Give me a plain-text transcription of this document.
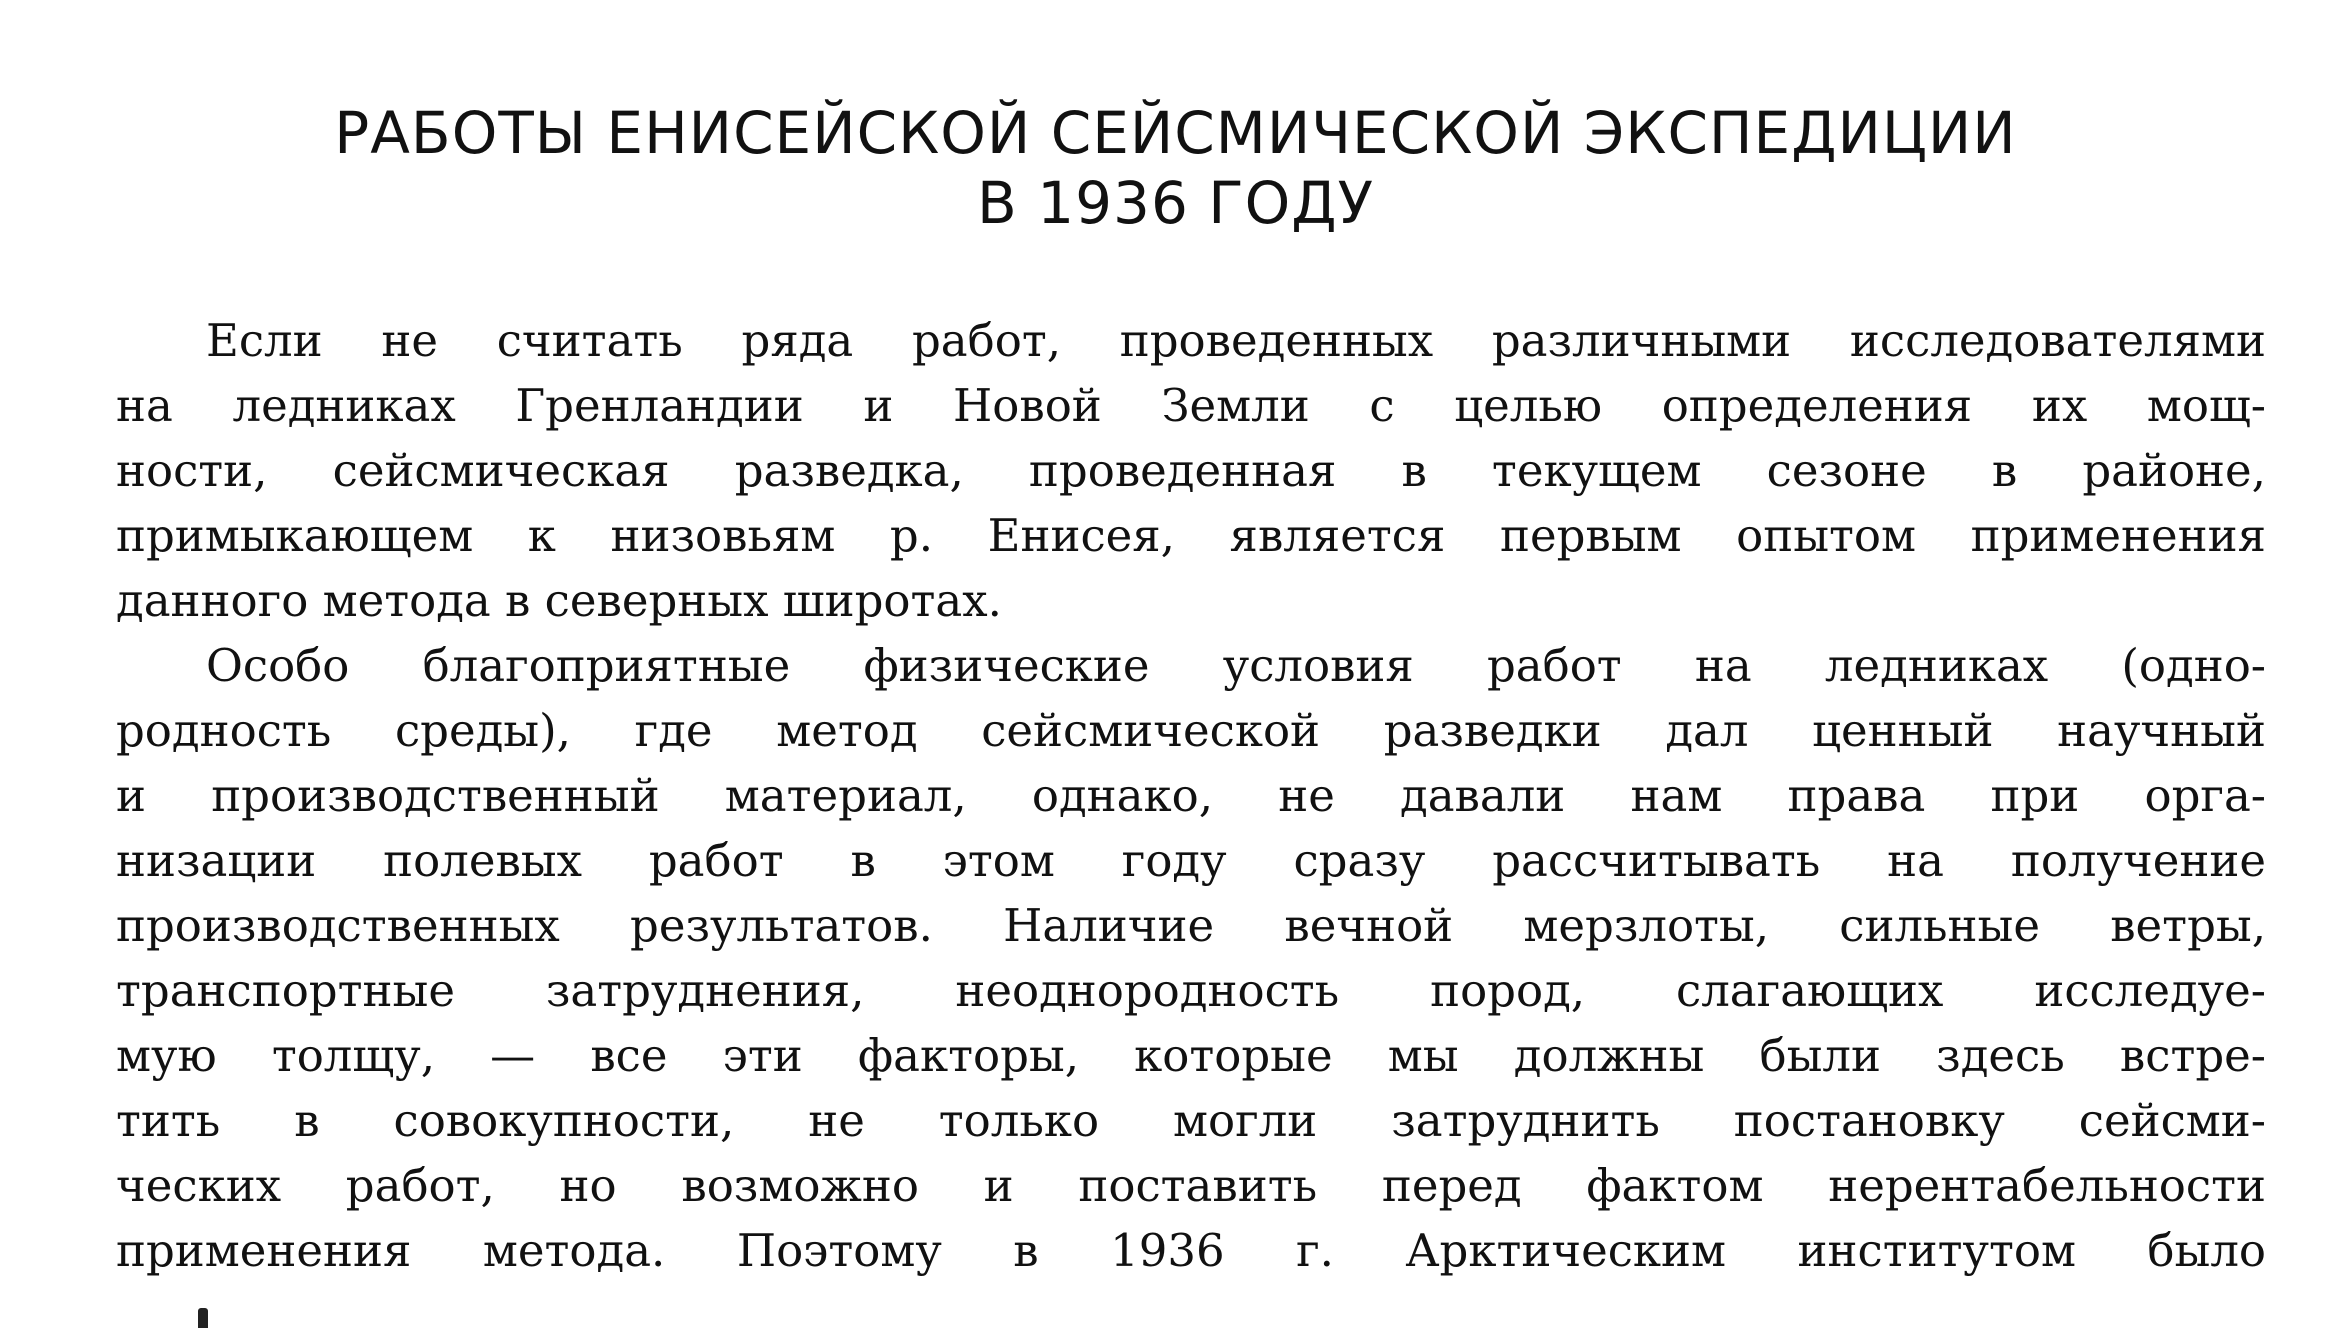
РАБОТЫ ЕНИСЕЙСКОЙ СЕЙСМИЧЕСКОЙ ЭКСПЕДИЦИИ
В 1936 ГОДУ
Если не считать ряда работ, проведенных различными исследователями
на ледниках Гренландии и Новой Земли с целью определения их мощ-
ности, сейсмическая разведка, проведенная в текущем сезоне в районе,
примыкающем к низовьям р. Енисея, является первым опытом применения
данного метода в северных широтах.
Особо благоприятные физические условия работ на ледниках (одно-
родность среды), где метод сейсмической разведки дал ценный научный
и производственный материал, однако, не давали нам права при орга-
низации полевых работ в этом году сразу рассчитывать на получение
производственных результатов. Наличие вечной мерзлоты, сильные ветры,
транспортные затруднения, неоднородность пород, слагающих исследуе-
мую толщу, — все эти факторы, которые мы должны были здесь встре-
тить в совокупности, не только могли затруднить постановку сейсми-
ческих работ, но возможно и поставить перед фактом нерентабельности
применения метода. Поэтому в 1936 г. Арктическим институтом было
